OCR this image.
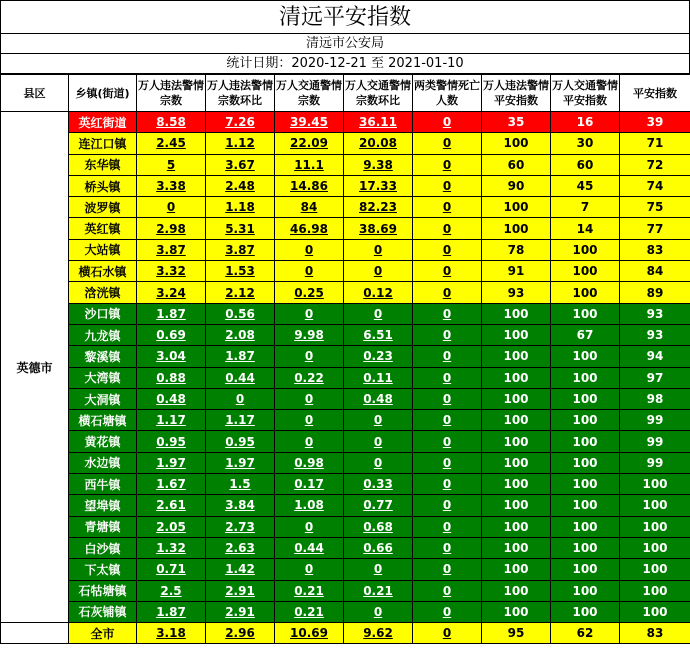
清远平安指数
清远市公安局
统计日期：2020-12-21 至 2021-01-10
县区	乡镇(街道)	万人违法警情宗数	万人违法警情宗数环比	万人交通警情宗数	万人交通警情宗数环比	两类警情死亡人数	万人违法警情平安指数	万人交通警情平安指数	平安指数
英德市	英红街道	8.58	7.26	39.45	36.11	0	35	16	39
	连江口镇	2.45	1.12	22.09	20.08	0	100	30	71
	东华镇	5	3.67	11.1	9.38	0	60	60	72
	桥头镇	3.38	2.48	14.86	17.33	0	90	45	74
	波罗镇	0	1.18	84	82.23	0	100	7	75
	英红镇	2.98	5.31	46.98	38.69	0	100	14	77
	大站镇	3.87	3.87	0	0	0	78	100	83
	横石水镇	3.32	1.53	0	0	0	91	100	84
	浛洸镇	3.24	2.12	0.25	0.12	0	93	100	89
	沙口镇	1.87	0.56	0	0	0	100	100	93
	九龙镇	0.69	2.08	9.98	6.51	0	100	67	93
	黎溪镇	3.04	1.87	0	0.23	0	100	100	94
	大湾镇	0.88	0.44	0.22	0.11	0	100	100	97
	大洞镇	0.48	0	0	0.48	0	100	100	98
	横石塘镇	1.17	1.17	0	0	0	100	100	99
	黄花镇	0.95	0.95	0	0	0	100	100	99
	水边镇	1.97	1.97	0.98	0	0	100	100	99
	西牛镇	1.67	1.5	0.17	0.33	0	100	100	100
	望埠镇	2.61	3.84	1.08	0.77	0	100	100	100
	青塘镇	2.05	2.73	0	0.68	0	100	100	100
	白沙镇	1.32	2.63	0.44	0.66	0	100	100	100
	下太镇	0.71	1.42	0	0	0	100	100	100
	石牯塘镇	2.5	2.91	0.21	0.21	0	100	100	100
	石灰铺镇	1.87	2.91	0.21	0	0	100	100	100
	全市	3.18	2.96	10.69	9.62	0	95	62	83
